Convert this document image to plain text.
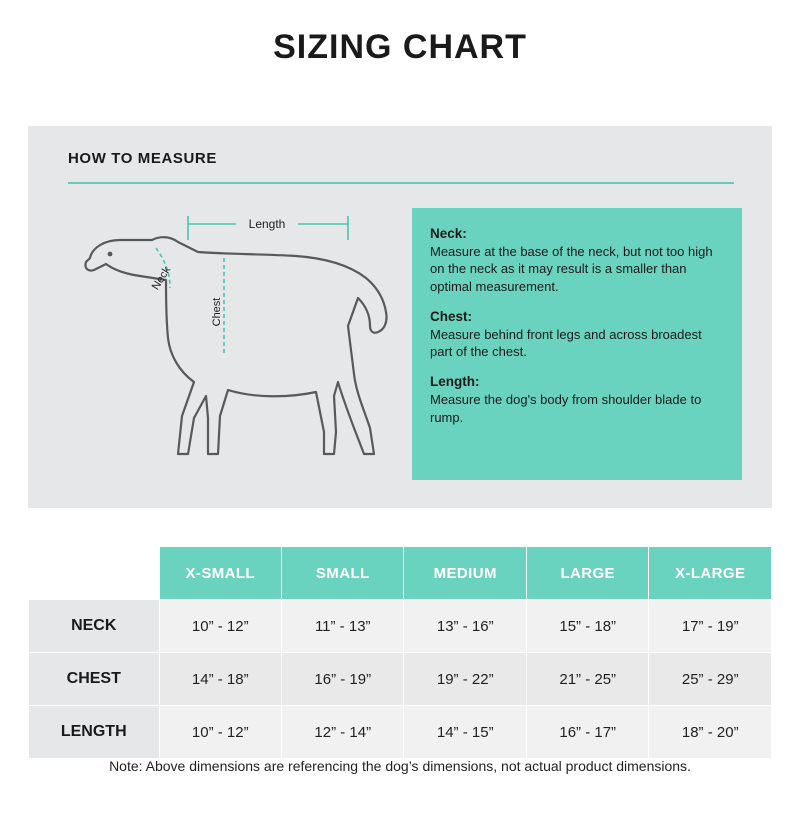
SIZING CHART
HOW TO MEASURE
Neck
Chest
Length
Neck:

Measure at the base of the neck, but not too high on the neck as it may result is a smaller than optimal measurement.

Chest:

Measure behind front legs and across broadest part of the chest.

Length:

Measure the dog's body from shoulder blade to rump.

	X-SMALL	SMALL	MEDIUM	LARGE	X-LARGE
NECK	10” - 12”	11” - 13”	13” - 16”	15” - 18”	17” - 19”
CHEST	14” - 18”	16” - 19”	19” - 22”	21” - 25”	25” - 29”
LENGTH	10” - 12”	12” - 14”	14” - 15”	16” - 17”	18” - 20”
Note: Above dimensions are referencing the dog’s dimensions, not actual product dimensions.
